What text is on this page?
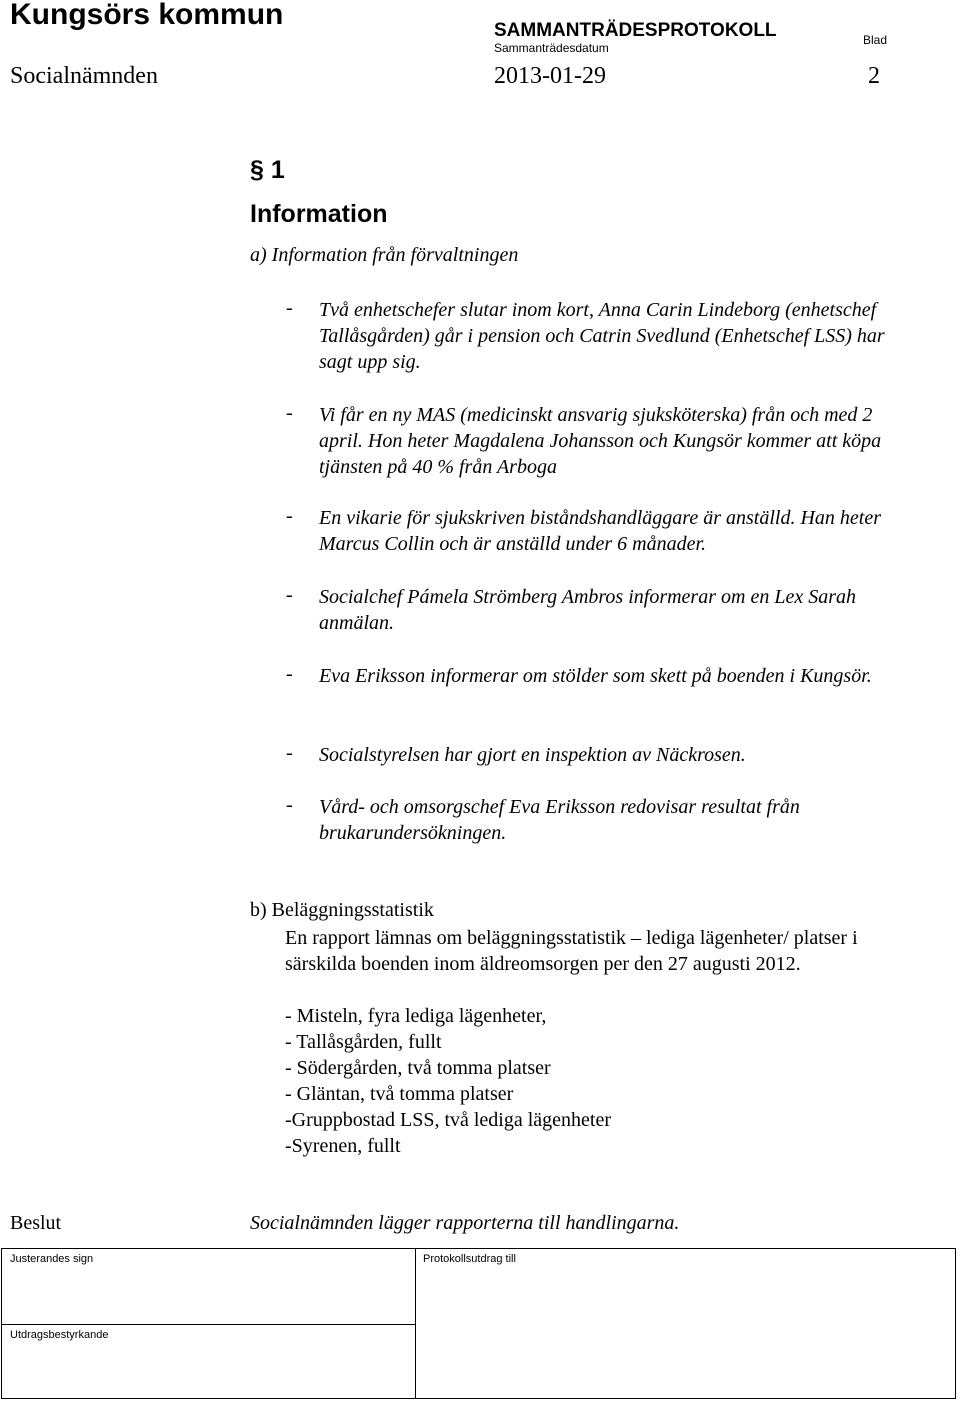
Kungsörs kommun	SAMMANTRÄDESPROTOKOLL
Sammanträdesdatum
Blad
Socialnämnden	2013-01-29	2
§ 1
Information
a) Information från förvaltningen
- Två enhetschefer slutar inom kort, Anna Carin Lindeborg (enhetschef Tallåsgården) går i pension och Catrin Svedlund (Enhetschef LSS) har sagt upp sig.
- Vi får en ny MAS (medicinskt ansvarig sjuksköterska) från och med 2 april. Hon heter Magdalena Johansson och Kungsör kommer att köpa tjänsten på 40 % från Arboga
- En vikarie för sjukskriven biståndshandläggare är anställd. Han heter Marcus Collin och är anställd under 6 månader.
- Socialchef Pámela Strömberg Ambros informerar om en Lex Sarah anmälan.
- Eva Eriksson informerar om stölder som skett på boenden i Kungsör.
- Socialstyrelsen har gjort en inspektion av Näckrosen.
- Vård- och omsorgschef Eva Eriksson redovisar resultat från brukarundersökningen.
b) Beläggningsstatistik
En rapport lämnas om beläggningsstatistik – lediga lägenheter/ platser i särskilda boenden inom äldreomsorgen per den 27 augusti 2012.
- Misteln, fyra lediga lägenheter,
- Tallåsgården, fullt
- Södergården, två tomma platser
- Gläntan, två tomma platser
-Gruppbostad LSS, två lediga lägenheter
-Syrenen, fullt
Beslut	Socialnämnden lägger rapporterna till handlingarna.
Justerandes sign	Protokollsutdrag till
Utdragsbestyrkande
